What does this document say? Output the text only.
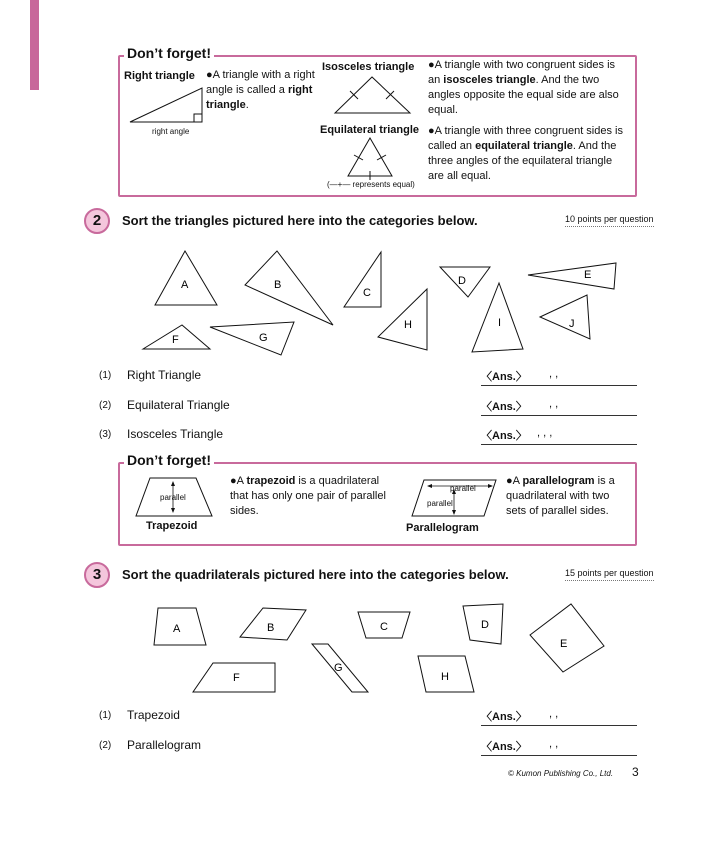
Don’t forget!
Right triangle
right angle
●A triangle with a right angle is called a right triangle.
Isosceles triangle ●A triangle with two congruent sides is an isosceles triangle. And the two angles opposite the equal side are also equal.
Equilateral triangle
(—+— represents equal)
●A triangle with three congruent sides is called an equilateral triangle. And the three angles of the equilateral triangle are all equal.
2	Sort the triangles pictured here into the categories below.	10 points per question
A	B
C
D	E
H	I	J
F	G
(1) Right Triangle	〈Ans.〉 , ,
(2) Equilateral Triangle	〈Ans.〉 , ,
(3) Isosceles Triangle	〈Ans.〉 , , ,
Don’t forget!
parallel
Trapezoid
●A trapezoid is a quadrilateral that has only one pair of parallel sides.
parallel
parallel
Parallelogram
●A parallelogram is a quadrilateral with two sets of parallel sides.
3	Sort the quadrilaterals pictured here into the categories below.	15 points per question
A	B	C	D
E
F
G
H
(1) Trapezoid	〈Ans.〉 , ,
(2) Parallelogram	〈Ans.〉 , ,
© Kumon Publishing Co., Ltd. 3
